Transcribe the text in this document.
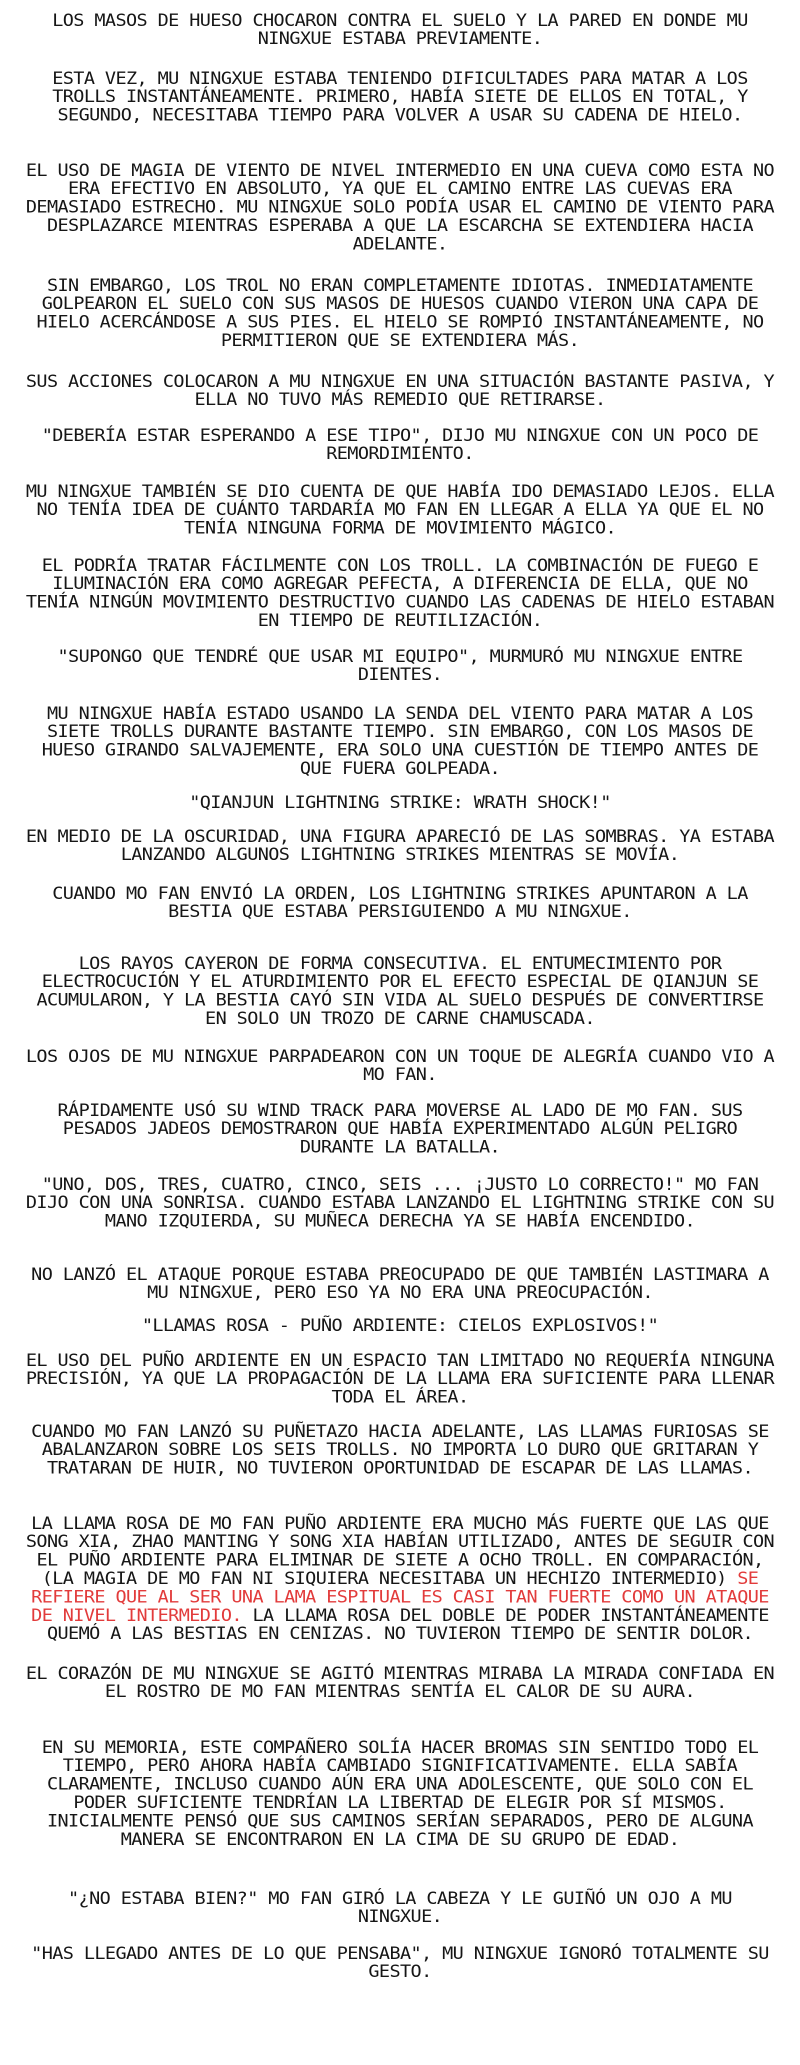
LOS MASOS DE HUESO CHOCARON CONTRA EL SUELO Y LA PARED EN DONDE MU NINGXUE ESTABA PREVIAMENTE.

ESTA VEZ, MU NINGXUE ESTABA TENIENDO DIFICULTADES PARA MATAR A LOS TROLLS INSTANTÁNEAMENTE. PRIMERO, HABÍA SIETE DE ELLOS EN TOTAL, Y SEGUNDO, NECESITABA TIEMPO PARA VOLVER A USAR SU CADENA DE HIELO.

EL USO DE MAGIA DE VIENTO DE NIVEL INTERMEDIO EN UNA CUEVA COMO ESTA NO ERA EFECTIVO EN ABSOLUTO, YA QUE EL CAMINO ENTRE LAS CUEVAS ERA DEMASIADO ESTRECHO. MU NINGXUE SOLO PODÍA USAR EL CAMINO DE VIENTO PARA DESPLAZARCE MIENTRAS ESPERABA A QUE LA ESCARCHA SE EXTENDIERA HACIA ADELANTE.

SIN EMBARGO, LOS TROL NO ERAN COMPLETAMENTE IDIOTAS. INMEDIATAMENTE GOLPEARON EL SUELO CON SUS MASOS DE HUESOS CUANDO VIERON UNA CAPA DE HIELO ACERCÁNDOSE A SUS PIES. EL HIELO SE ROMPIÓ INSTANTÁNEAMENTE, NO PERMITIERON QUE SE EXTENDIERA MÁS.

SUS ACCIONES COLOCARON A MU NINGXUE EN UNA SITUACIÓN BASTANTE PASIVA, Y ELLA NO TUVO MÁS REMEDIO QUE RETIRARSE.

"DEBERÍA ESTAR ESPERANDO A ESE TIPO", DIJO MU NINGXUE CON UN POCO DE REMORDIMIENTO.

MU NINGXUE TAMBIÉN SE DIO CUENTA DE QUE HABÍA IDO DEMASIADO LEJOS. ELLA NO TENÍA IDEA DE CUÁNTO TARDARÍA MO FAN EN LLEGAR A ELLA YA QUE EL NO TENÍA NINGUNA FORMA DE MOVIMIENTO MÁGICO.

EL PODRÍA TRATAR FÁCILMENTE CON LOS TROLL. LA COMBINACIÓN DE FUEGO E ILUMINACIÓN ERA COMO AGREGAR PEFECTA, A DIFERENCIA DE ELLA, QUE NO TENÍA NINGÚN MOVIMIENTO DESTRUCTIVO CUANDO LAS CADENAS DE HIELO ESTABAN EN TIEMPO DE REUTILIZACIÓN.

"SUPONGO QUE TENDRÉ QUE USAR MI EQUIPO", MURMURÓ MU NINGXUE ENTRE DIENTES.

MU NINGXUE HABÍA ESTADO USANDO LA SENDA DEL VIENTO PARA MATAR A LOS SIETE TROLLS DURANTE BASTANTE TIEMPO. SIN EMBARGO, CON LOS MASOS DE HUESO GIRANDO SALVAJEMENTE, ERA SOLO UNA CUESTIÓN DE TIEMPO ANTES DE QUE FUERA GOLPEADA.

"QIANJUN LIGHTNING STRIKE: WRATH SHOCK!"

EN MEDIO DE LA OSCURIDAD, UNA FIGURA APARECIÓ DE LAS SOMBRAS. YA ESTABA LANZANDO ALGUNOS LIGHTNING STRIKES MIENTRAS SE MOVÍA.

CUANDO MO FAN ENVIÓ LA ORDEN, LOS LIGHTNING STRIKES APUNTARON A LA BESTIA QUE ESTABA PERSIGUIENDO A MU NINGXUE.

LOS RAYOS CAYERON DE FORMA CONSECUTIVA. EL ENTUMECIMIENTO POR ELECTROCUCIÓN Y EL ATURDIMIENTO POR EL EFECTO ESPECIAL DE QIANJUN SE ACUMULARON, Y LA BESTIA CAYÓ SIN VIDA AL SUELO DESPUÉS DE CONVERTIRSE EN SOLO UN TROZO DE CARNE CHAMUSCADA.

LOS OJOS DE MU NINGXUE PARPADEARON CON UN TOQUE DE ALEGRÍA CUANDO VIO A MO FAN.

RÁPIDAMENTE USÓ SU WIND TRACK PARA MOVERSE AL LADO DE MO FAN. SUS PESADOS JADEOS DEMOSTRARON QUE HABÍA EXPERIMENTADO ALGÚN PELIGRO DURANTE LA BATALLA.

"UNO, DOS, TRES, CUATRO, CINCO, SEIS ... ¡JUSTO LO CORRECTO!" MO FAN DIJO CON UNA SONRISA. CUANDO ESTABA LANZANDO EL LIGHTNING STRIKE CON SU MANO IZQUIERDA, SU MUÑECA DERECHA YA SE HABÍA ENCENDIDO.

NO LANZÓ EL ATAQUE PORQUE ESTABA PREOCUPADO DE QUE TAMBIÉN LASTIMARA A MU NINGXUE, PERO ESO YA NO ERA UNA PREOCUPACIÓN.

"LLAMAS ROSA - PUÑO ARDIENTE: CIELOS EXPLOSIVOS!"

EL USO DEL PUÑO ARDIENTE EN UN ESPACIO TAN LIMITADO NO REQUERÍA NINGUNA PRECISIÓN, YA QUE LA PROPAGACIÓN DE LA LLAMA ERA SUFICIENTE PARA LLENAR TODA EL ÁREA.

CUANDO MO FAN LANZÓ SU PUÑETAZO HACIA ADELANTE, LAS LLAMAS FURIOSAS SE ABALANZARON SOBRE LOS SEIS TROLLS. NO IMPORTA LO DURO QUE GRITARAN Y TRATARAN DE HUIR, NO TUVIERON OPORTUNIDAD DE ESCAPAR DE LAS LLAMAS.

LA LLAMA ROSA DE MO FAN PUÑO ARDIENTE ERA MUCHO MÁS FUERTE QUE LAS QUE SONG XIA, ZHAO MANTING Y SONG XIA HABÍAN UTILIZADO, ANTES DE SEGUIR CON EL PUÑO ARDIENTE PARA ELIMINAR DE SIETE A OCHO TROLL. EN COMPARACIÓN, (LA MAGIA DE MO FAN NI SIQUIERA NECESITABA UN HECHIZO INTERMEDIO) SE REFIERE QUE AL SER UNA LAMA ESPITUAL ES CASI TAN FUERTE COMO UN ATAQUE DE NIVEL INTERMEDIO. LA LLAMA ROSA DEL DOBLE DE PODER INSTANTÁNEAMENTE QUEMÓ A LAS BESTIAS EN CENIZAS. NO TUVIERON TIEMPO DE SENTIR DOLOR.

EL CORAZÓN DE MU NINGXUE SE AGITÓ MIENTRAS MIRABA LA MIRADA CONFIADA EN EL ROSTRO DE MO FAN MIENTRAS SENTÍA EL CALOR DE SU AURA.

EN SU MEMORIA, ESTE COMPAÑERO SOLÍA HACER BROMAS SIN SENTIDO TODO EL TIEMPO, PERO AHORA HABÍA CAMBIADO SIGNIFICATIVAMENTE. ELLA SABÍA CLARAMENTE, INCLUSO CUANDO AÚN ERA UNA ADOLESCENTE, QUE SOLO CON EL PODER SUFICIENTE TENDRÍAN LA LIBERTAD DE ELEGIR POR SÍ MISMOS. INICIALMENTE PENSÓ QUE SUS CAMINOS SERÍAN SEPARADOS, PERO DE ALGUNA MANERA SE ENCONTRARON EN LA CIMA DE SU GRUPO DE EDAD.

"¿NO ESTABA BIEN?" MO FAN GIRÓ LA CABEZA Y LE GUIÑÓ UN OJO A MU NINGXUE.

"HAS LLEGADO ANTES DE LO QUE PENSABA", MU NINGXUE IGNORÓ TOTALMENTE SU GESTO.
